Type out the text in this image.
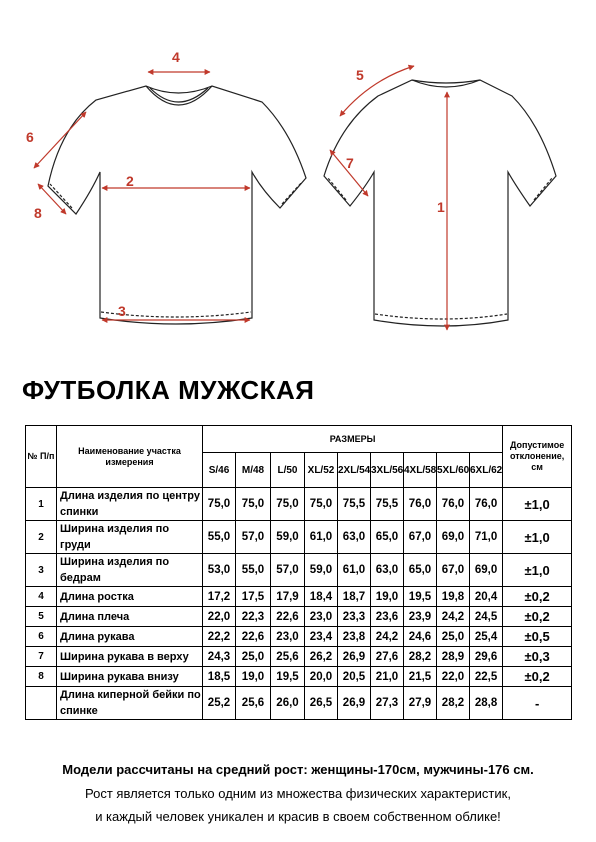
4
6
2
8
3
5
7
1
ФУТБОЛКА МУЖСКАЯ
№ П/п	Наименование участка измерения	РАЗМЕРЫ									Допустимое отклонение, см
		S/46	M/48	L/50	XL/52	2XL/54	3XL/56	4XL/58	5XL/60	6XL/62	
1	Длина изделия по центру спинки	75,0	75,0	75,0	75,0	75,5	75,5	76,0	76,0	76,0	±1,0
2	Ширина изделия по груди	55,0	57,0	59,0	61,0	63,0	65,0	67,0	69,0	71,0	±1,0
3	Ширина изделия по бедрам	53,0	55,0	57,0	59,0	61,0	63,0	65,0	67,0	69,0	±1,0
4	Длина ростка	17,2	17,5	17,9	18,4	18,7	19,0	19,5	19,8	20,4	±0,2
5	Длина плеча	22,0	22,3	22,6	23,0	23,3	23,6	23,9	24,2	24,5	±0,2
6	Длина рукава	22,2	22,6	23,0	23,4	23,8	24,2	24,6	25,0	25,4	±0,5
7	Ширина рукава в верху	24,3	25,0	25,6	26,2	26,9	27,6	28,2	28,9	29,6	±0,3
8	Ширина рукава внизу	18,5	19,0	19,5	20,0	20,5	21,0	21,5	22,0	22,5	±0,2
	Длина киперной бейки по спинке	25,2	25,6	26,0	26,5	26,9	27,3	27,9	28,2	28,8	-

Модели рассчитаны на средний рост: женщины-170см, мужчины-176 см.

Рост является только одним из множества физических характеристик,

и каждый человек уникален и красив в своем собственном облике!
